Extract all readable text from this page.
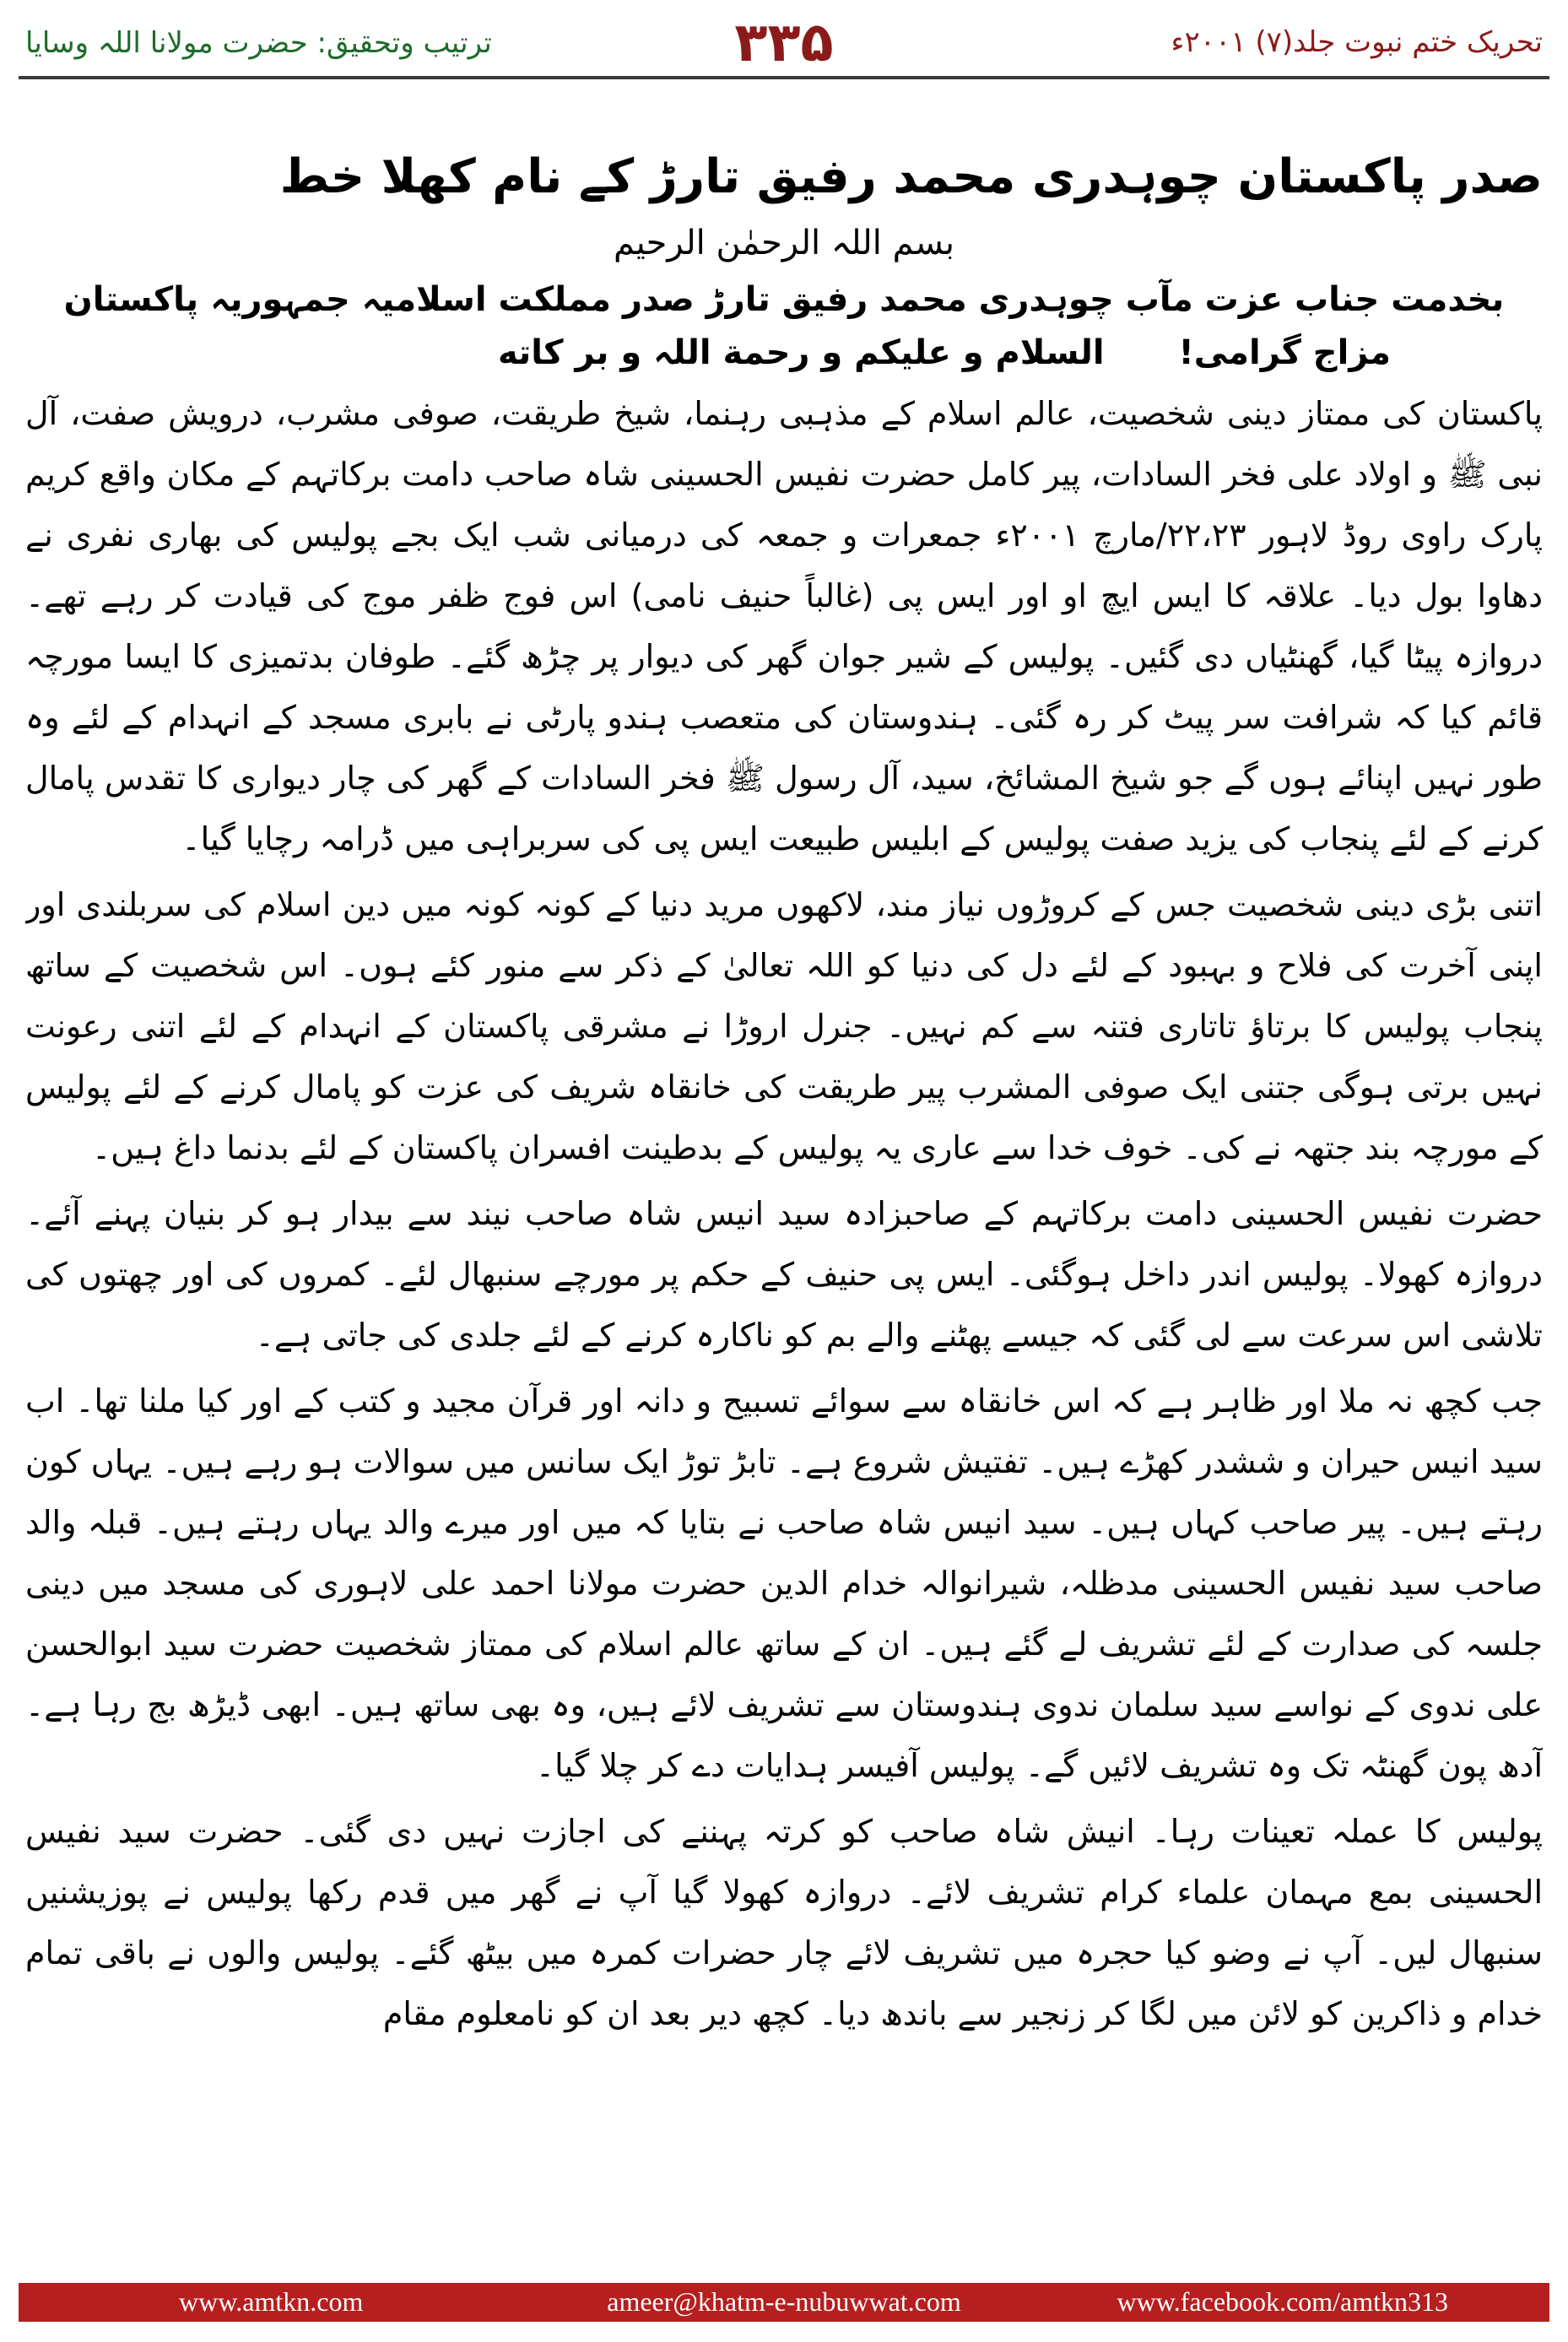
ترتیب وتحقیق: حضرت مولانا اللہ وسایا	۳۳۵	تحریک ختم نبوت جلد(۷) ۲۰۰۱ء
صدر پاکستان چوہدری محمد رفیق تارڑ کے نام کھلا خط
بسم اللہ الرحمٰن الرحیم
بخدمت جناب عزت مآب چوہدری محمد رفیق تارڑ صدر مملکت اسلامیہ جمہوریہ پاکستان
مزاج گرامی!
السلام و علیکم و رحمة اللہ و بر کاته

پاکستان کی ممتاز دینی شخصیت، عالم اسلام کے مذہبی رہنما، شیخ طریقت، صوفی مشرب، درویش صفت، آل نبی ﷺ و اولاد علی فخر السادات، پیر کامل حضرت نفیس الحسینی شاہ صاحب دامت برکاتہم کے مکان واقع کریم پارک راوی روڈ لاہور ۲۲،۲۳/مارچ ۲۰۰۱ء جمعرات و جمعہ کی درمیانی شب ایک بجے پولیس کی بھاری نفری نے دھاوا بول دیا۔ علاقہ کا ایس ایچ او اور ایس پی (غالباً حنیف نامی) اس فوج ظفر موج کی قیادت کر رہے تھے۔ دروازہ پیٹا گیا، گھنٹیاں دی گئیں۔ پولیس کے شیر جوان گھر کی دیوار پر چڑھ گئے۔ طوفان بدتمیزی کا ایسا مورچہ قائم کیا کہ شرافت سر پیٹ کر رہ گئی۔ ہندوستان کی متعصب ہندو پارٹی نے بابری مسجد کے انہدام کے لئے وہ طور نہیں اپنائے ہوں گے جو شیخ المشائخ، سید، آل رسول ﷺ فخر السادات کے گھر کی چار دیواری کا تقدس پامال کرنے کے لئے پنجاب کی یزید صفت پولیس کے ابلیس طبیعت ایس پی کی سربراہی میں ڈرامہ رچایا گیا۔

اتنی بڑی دینی شخصیت جس کے کروڑوں نیاز مند، لاکھوں مرید دنیا کے کونہ کونہ میں دین اسلام کی سربلندی اور اپنی آخرت کی فلاح و بہبود کے لئے دل کی دنیا کو اللہ تعالیٰ کے ذکر سے منور کئے ہوں۔ اس شخصیت کے ساتھ پنجاب پولیس کا برتاؤ تاتاری فتنہ سے کم نہیں۔ جنرل اروڑا نے مشرقی پاکستان کے انہدام کے لئے اتنی رعونت نہیں برتی ہوگی جتنی ایک صوفی المشرب پیر طریقت کی خانقاہ شریف کی عزت کو پامال کرنے کے لئے پولیس کے مورچہ بند جتھہ نے کی۔ خوف خدا سے عاری یہ پولیس کے بدطینت افسران پاکستان کے لئے بدنما داغ ہیں۔

حضرت نفیس الحسینی دامت برکاتہم کے صاحبزادہ سید انیس شاہ صاحب نیند سے بیدار ہو کر بنیان پہنے آئے۔ دروازہ کھولا۔ پولیس اندر داخل ہوگئی۔ ایس پی حنیف کے حکم پر مورچے سنبھال لئے۔ کمروں کی اور چھتوں کی تلاشی اس سرعت سے لی گئی کہ جیسے پھٹنے والے بم کو ناکارہ کرنے کے لئے جلدی کی جاتی ہے۔

جب کچھ نہ ملا اور ظاہر ہے کہ اس خانقاہ سے سوائے تسبیح و دانہ اور قرآن مجید و کتب کے اور کیا ملنا تھا۔ اب سید انیس حیران و ششدر کھڑے ہیں۔ تفتیش شروع ہے۔ تابڑ توڑ ایک سانس میں سوالات ہو رہے ہیں۔ یہاں کون رہتے ہیں۔ پیر صاحب کہاں ہیں۔ سید انیس شاہ صاحب نے بتایا کہ میں اور میرے والد یہاں رہتے ہیں۔ قبلہ والد صاحب سید نفیس الحسینی مدظلہ، شیرانوالہ خدام الدین حضرت مولانا احمد علی لاہوری کی مسجد میں دینی جلسہ کی صدارت کے لئے تشریف لے گئے ہیں۔ ان کے ساتھ عالم اسلام کی ممتاز شخصیت حضرت سید ابوالحسن علی ندوی کے نواسے سید سلمان ندوی ہندوستان سے تشریف لائے ہیں، وہ بھی ساتھ ہیں۔ ابھی ڈیڑھ بج رہا ہے۔ آدھ پون گھنٹہ تک وہ تشریف لائیں گے۔ پولیس آفیسر ہدایات دے کر چلا گیا۔

پولیس کا عملہ تعینات رہا۔ انیش شاہ صاحب کو کرتہ پہننے کی اجازت نہیں دی گئی۔ حضرت سید نفیس الحسینی بمع مہمان علماء کرام تشریف لائے۔ دروازہ کھولا گیا آپ نے گھر میں قدم رکھا پولیس نے پوزیشنیں سنبھال لیں۔ آپ نے وضو کیا حجرہ میں تشریف لائے چار حضرات کمرہ میں بیٹھ گئے۔ پولیس والوں نے باقی تمام خدام و ذاکرین کو لائن میں لگا کر زنجیر سے باندھ دیا۔ کچھ دیر بعد ان کو نامعلوم مقام

www.amtkn.com	ameer@khatm-e-nubuwwat.com	www.facebook.com/amtkn313
